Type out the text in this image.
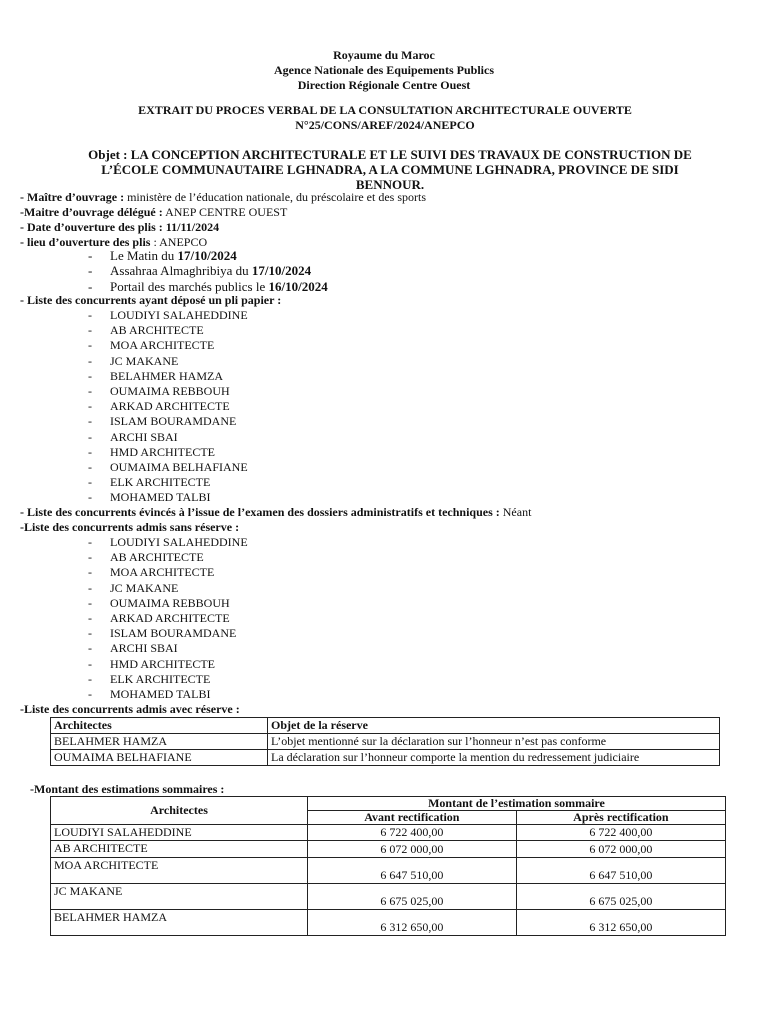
Royaume du Maroc
Agence Nationale des Equipements Publics
Direction Régionale Centre Ouest
EXTRAIT DU PROCES VERBAL DE LA CONSULTATION ARCHITECTURALE OUVERTE
N°25/CONS/AREF/2024/ANEPCO
Objet : LA CONCEPTION ARCHITECTURALE ET LE SUIVI DES TRAVAUX DE CONSTRUCTION DE L’ÉCOLE COMMUNAUTAIRE LGHNADRA, A LA COMMUNE LGHNADRA, PROVINCE DE SIDI BENNOUR.
- Maître d’ouvrage : ministère de l’éducation nationale, du préscolaire et des sports
-Maitre d’ouvrage délégué : ANEP CENTRE OUEST
- Date d’ouverture des plis : 11/11/2024
- lieu d’ouverture des plis : ANEPCO
- Le Matin du 17/10/2024
- Assahraa Almaghribiya du 17/10/2024
- Portail des marchés publics le 16/10/2024
- Liste des concurrents ayant déposé un pli papier :
- LOUDIYI SALAHEDDINE
- AB ARCHITECTE
- MOA ARCHITECTE
- JC MAKANE
- BELAHMER HAMZA
- OUMAIMA REBBOUH
- ARKAD ARCHITECTE
- ISLAM BOURAMDANE
- ARCHI SBAI
- HMD ARCHITECTE
- OUMAIMA BELHAFIANE
- ELK ARCHITECTE
- MOHAMED TALBI
- Liste des concurrents évincés à l’issue de l’examen des dossiers administratifs et techniques : Néant
-Liste des concurrents admis sans réserve :
- LOUDIYI SALAHEDDINE
- AB ARCHITECTE
- MOA ARCHITECTE
- JC MAKANE
- OUMAIMA REBBOUH
- ARKAD ARCHITECTE
- ISLAM BOURAMDANE
- ARCHI SBAI
- HMD ARCHITECTE
- ELK ARCHITECTE
- MOHAMED TALBI
-Liste des concurrents admis avec réserve :
Architectes	Objet de la réserve
BELAHMER HAMZA	L’objet mentionné sur la déclaration sur l’honneur n’est pas conforme
OUMAIMA BELHAFIANE	La déclaration sur l’honneur comporte la mention du redressement judiciaire
-Montant des estimations sommaires :
Architectes	Montant de l’estimation sommaire	
	Avant rectification	Après rectification
LOUDIYI SALAHEDDINE	6 722 400,00	6 722 400,00
AB ARCHITECTE	6 072 000,00	6 072 000,00
MOA ARCHITECTE	6 647 510,00	6 647 510,00
JC MAKANE	6 675 025,00	6 675 025,00
BELAHMER HAMZA	6 312 650,00	6 312 650,00
